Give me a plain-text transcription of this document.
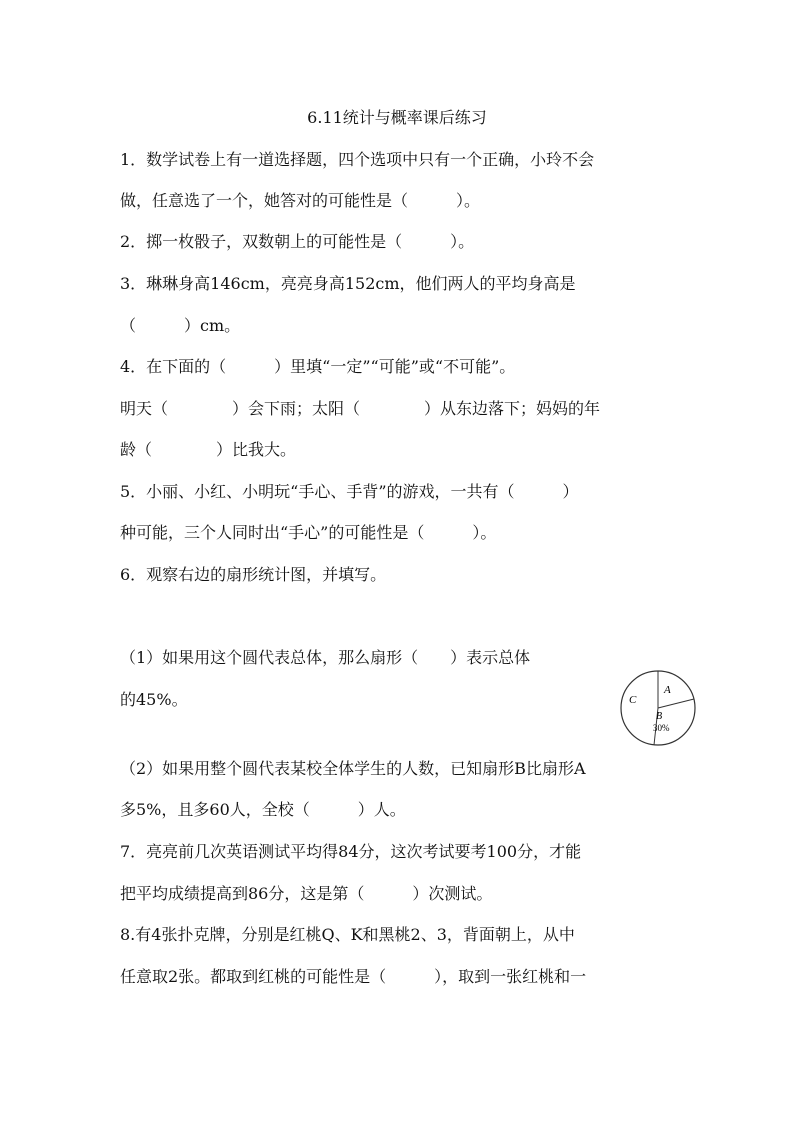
6.11统计与概率课后练习
1．数学试卷上有一道选择题，四个选项中只有一个正确，小玲不会
做，任意选了一个，她答对的可能性是（　　　）。
2．掷一枚骰子，双数朝上的可能性是（　　　）。
3．琳琳身高146cm，亮亮身高152cm，他们两人的平均身高是
（　　　）cm。
4．在下面的（　　　）里填“一定”“可能”或“不可能”。
明天（　　　　）会下雨；太阳（　　　　）从东边落下；妈妈的年
龄（　　　　）比我大。
5．小丽、小红、小明玩“手心、手背”的游戏，一共有（　　　）
种可能，三个人同时出“手心”的可能性是（　　　）。
6．观察右边的扇形统计图，并填写。
（1）如果用这个圆代表总体，那么扇形（　　）表示总体
的45%。
（2）如果用整个圆代表某校全体学生的人数，已知扇形B比扇形A
多5%，且多60人，全校（　　　）人。
7．亮亮前几次英语测试平均得84分，这次考试要考100分，才能
把平均成绩提高到86分，这是第（　　　）次测试。
8.有4张扑克牌，分别是红桃Q、K和黑桃2、3，背面朝上，从中
任意取2张。都取到红桃的可能性是（　　　），取到一张红桃和一
C
A
B
30%
